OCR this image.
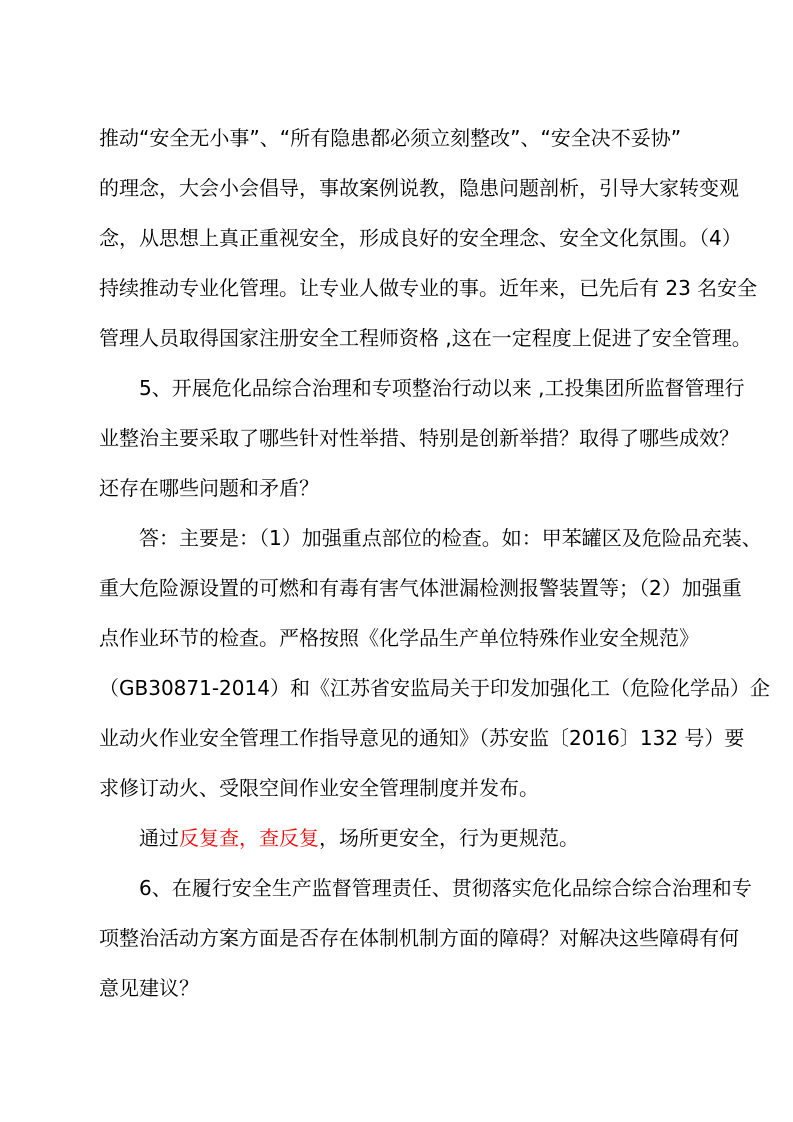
推动“安全无小事”、“所有隐患都必须立刻整改”、“安全决不妥协”
的理念，大会小会倡导，事故案例说教，隐患问题剖析，引导大家转变观
念，从思想上真正重视安全，形成良好的安全理念、安全文化氛围。（4）
持续推动专业化管理。让专业人做专业的事。近年来，已先后有 23 名安全
管理人员取得国家注册安全工程师资格 ,这在一定程度上促进了安全管理。
5、开展危化品综合治理和专项整治行动以来 ,工投集团所监督管理行
业整治主要采取了哪些针对性举措、特别是创新举措？取得了哪些成效？
还存在哪些问题和矛盾？
答：主要是：（1）加强重点部位的检查。如：甲苯罐区及危险品充装、
重大危险源设置的可燃和有毒有害气体泄漏检测报警装置等；（2）加强重
点作业环节的检查。严格按照《化学品生产单位特殊作业安全规范》
（GB30871-2014）和《江苏省安监局关于印发加强化工（危险化学品）企
业动火作业安全管理工作指导意见的通知》（苏安监〔2016〕132 号）要
求修订动火、受限空间作业安全管理制度并发布。
通过反复查，查反复，场所更安全，行为更规范。
6、在履行安全生产监督管理责任、贯彻落实危化品综合综合治理和专
项整治活动方案方面是否存在体制机制方面的障碍？对解决这些障碍有何
意见建议？
